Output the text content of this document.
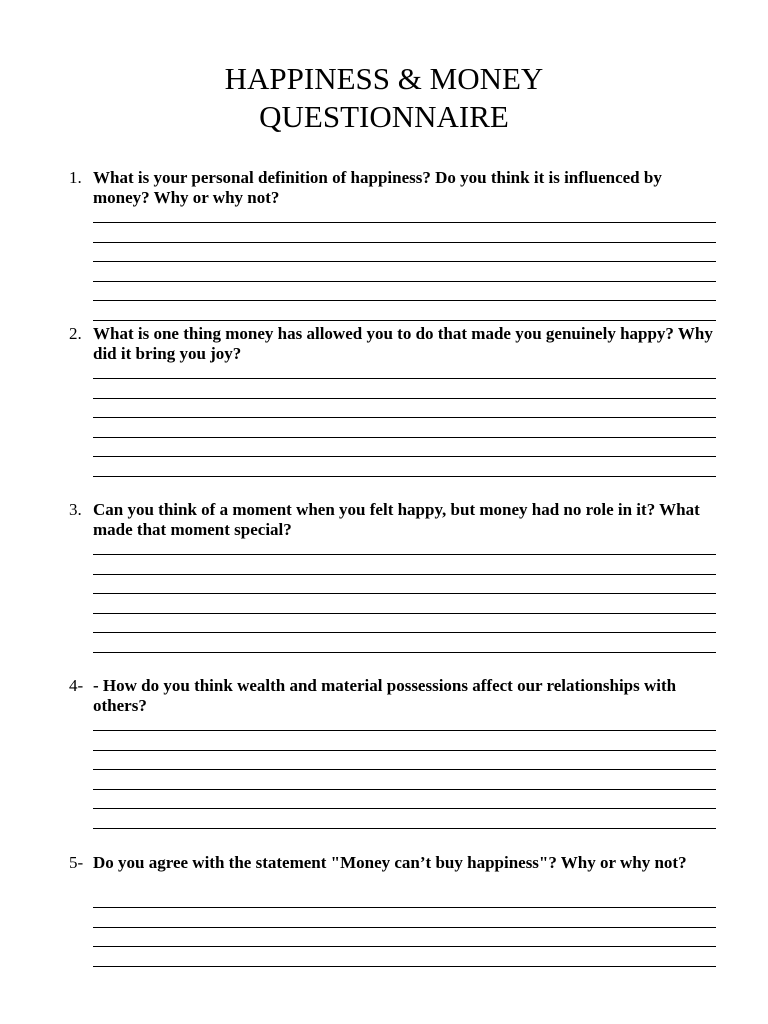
HAPPINESS & MONEY
QUESTIONNAIRE
1. What is your personal definition of happiness? Do you think it is influenced by money? Why or why not?

2. What is one thing money has allowed you to do that made you genuinely happy? Why did it bring you joy?

3. Can you think of a moment when you felt happy, but money had no role in it? What made that moment special?

4- - How do you think wealth and material possessions affect our relationships with others?

5- Do you agree with the statement "Money can’t buy happiness"? Why or why not?
